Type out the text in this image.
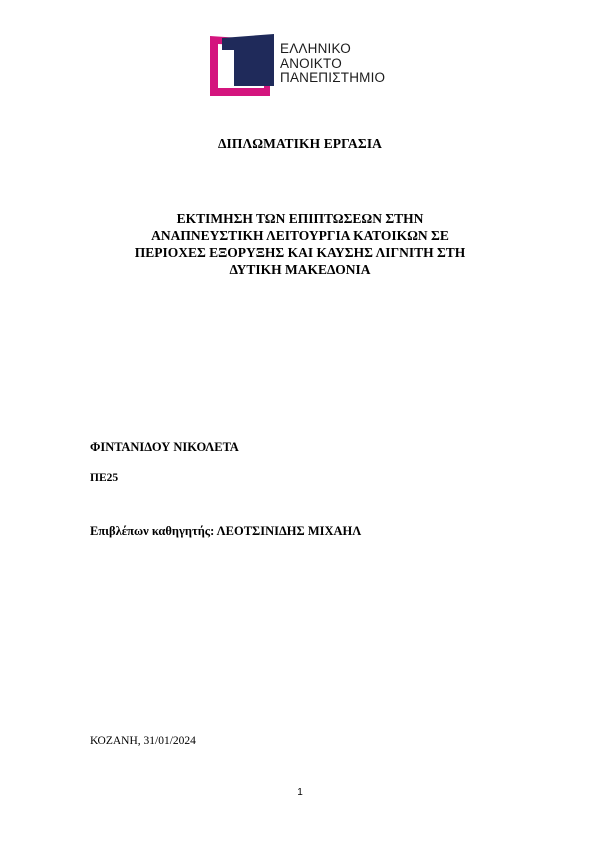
ΕΛΛΗΝΙΚΟ
ΑΝΟΙΚΤΟ
ΠΑΝΕΠΙΣΤΗΜΙΟ
ΔΙΠΛΩΜΑΤΙΚΗ ΕΡΓΑΣΙΑ
ΕΚΤΙΜΗΣΗ ΤΩΝ ΕΠΙΠΤΩΣΕΩΝ ΣΤΗΝ
ΑΝΑΠΝΕΥΣΤΙΚΗ ΛΕΙΤΟΥΡΓΙΑ ΚΑΤΟΙΚΩΝ ΣΕ
ΠΕΡΙΟΧΕΣ ΕΞΟΡΥΞΗΣ ΚΑΙ ΚΑΥΣΗΣ ΛΙΓΝΙΤΗ ΣΤΗ
ΔΥΤΙΚΗ ΜΑΚΕΔΟΝΙΑ
ΦΙΝΤΑΝΙΔΟΥ ΝΙΚΟΛΕΤΑ
ΠΕ25
Επιβλέπων καθηγητής: ΛΕΟΤΣΙΝΙΔΗΣ ΜΙΧΑΗΛ
ΚΟΖΑΝΗ, 31/01/2024
1
